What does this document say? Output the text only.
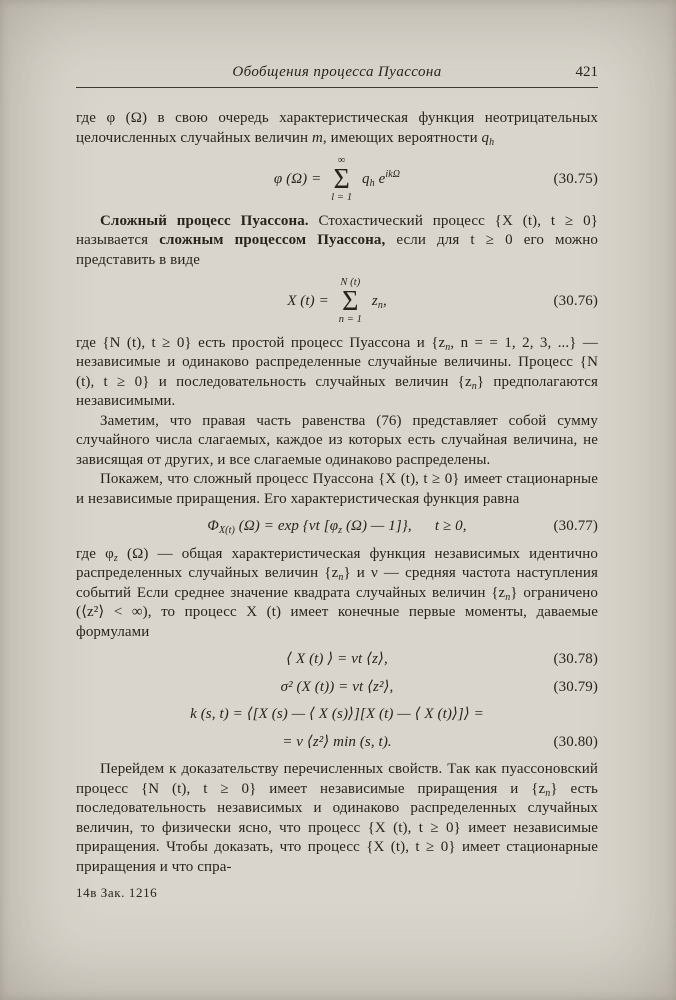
Обобщения процесса Пуассона	421

где φ (Ω) в свою очередь характеристическая функция неотрицательных целочисленных случайных величин m, имеющих вероятности $q_h$

φ (Ω) =
∞
Σ
l = 1
$q_h$ $e^{ik\Omega}$	(30.75)

Сложный процесс Пуассона. Стохастический процесс {X (t), t ≥ 0} называется сложным процессом Пуассона, если для t ≥ 0 его можно представить в виде

X (t) =
N (t)
Σ
n = 1
$z_n$,	(30.76)

где {N (t), t ≥ 0} есть простой процесс Пуассона и {$z_n$, n = = 1, 2, 3, ...} — независимые и одинаково распределенные случайные величины. Процесс {N (t), t ≥ 0} и последовательность случайных величин $\{z_n\}$ предполагаются независимыми.

Заметим, что правая часть равенства (76) представляет собой сумму случайного числа слагаемых, каждое из которых есть случайная величина, не зависящая от других, и все слагаемые одинаково распределены.

Покажем, что сложный процесс Пуассона {X (t), t ≥ 0} имеет стационарные и независимые приращения. Его характеристическая функция равна

$\Phi_{X(t)}$ (Ω) = exp {νt [$\varphi_z$ (Ω) — 1]}, t ≥ 0,	(30.77)

где $\varphi_z$ (Ω) — общая характеристическая функция независимых идентично распределенных случайных величин $\{z_n\}$ и ν — средняя частота наступления событий Если среднее значение квадрата случайных величин $\{z_n\}$ ограничено (⟨z²⟩ < ∞), то процесс X (t) имеет конечные первые моменты, даваемые формулами

⟨ X (t) ⟩ = νt ⟨z⟩,	(30.78)
σ² (X (t)) = νt ⟨z²⟩,	(30.79)
k (s, t) = ⟨[X (s) — ⟨ X (s)⟩][X (t) — ⟨ X (t)⟩]⟩ =
= ν ⟨z²⟩ min (s, t).	(30.80)

Перейдем к доказательству перечисленных свойств. Так как пуассоновский процесс {N (t), t ≥ 0} имеет независимые приращения и $\{z_n\}$ есть последовательность независимых и одинаково распределенных случайных величин, то физически ясно, что процесс {X (t), t ≥ 0} имеет независимые приращения. Чтобы доказать, что процесс {X (t), t ≥ 0} имеет стационарные приращения и что спра-

14в Зак. 1216
